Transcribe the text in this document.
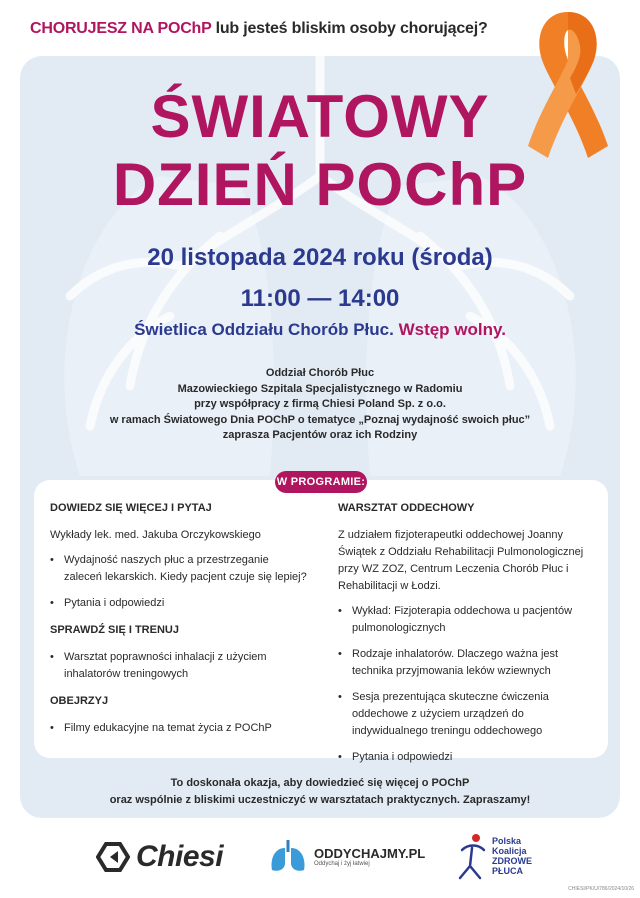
CHORUJESZ NA POChP lub jesteś bliskim osoby chorującej?
ŚWIATOWY
DZIEŃ POChP
20 listopada 2024 roku (środa)
11:00 — 14:00
Świetlica Oddziału Chorób Płuc. Wstęp wolny.
Oddział Chorób Płuc
Mazowieckiego Szpitala Specjalistycznego w Radomiu
przy współpracy z firmą Chiesi Poland Sp. z o.o.
w ramach Światowego Dnia POChP o tematyce „Poznaj wydajność swoich płuc”
zaprasza Pacjentów oraz ich Rodziny
DOWIEDZ SIĘ WIĘCEJ I PYTAJ
Wykłady lek. med. Jakuba Orczykowskiego
• Wydajność naszych płuc a przestrzeganie zaleceń lekarskich. Kiedy pacjent czuje się lepiej?
• Pytania i odpowiedzi
SPRAWDŹ SIĘ I TRENUJ
• Warsztat poprawności inhalacji z użyciem inhalatorów treningowych
OBEJRZYJ
• Filmy edukacyjne na temat życia z POChP
WARSZTAT ODDECHOWY
Z udziałem fizjoterapeutki oddechowej Joanny Świątek z Oddziału Rehabilitacji Pulmonologicznej przy WZ ZOZ, Centrum Leczenia Chorób Płuc i Rehabilitacji w Łodzi.
• Wykład: Fizjoterapia oddechowa u pacjentów pulmonologicznych
• Rodzaje inhalatorów. Dlaczego ważna jest technika przyjmowania leków wziewnych
• Sesja prezentująca skuteczne ćwiczenia oddechowe z użyciem urządzeń do indywidualnego treningu oddechowego
• Pytania i odpowiedzi
W PROGRAMIE:
To doskonała okazja, aby dowiedzieć się więcej o POChP
oraz wspólnie z bliskimi uczestniczyć w warsztatach praktycznych. Zapraszamy!
Chiesi	ODDYCHAJMY.PL
Oddychaj i żyj łatwiej
Polska
Koalicja
ZDROWE
PŁUCA
CHIESI/PK/U/786/2024/10/26
